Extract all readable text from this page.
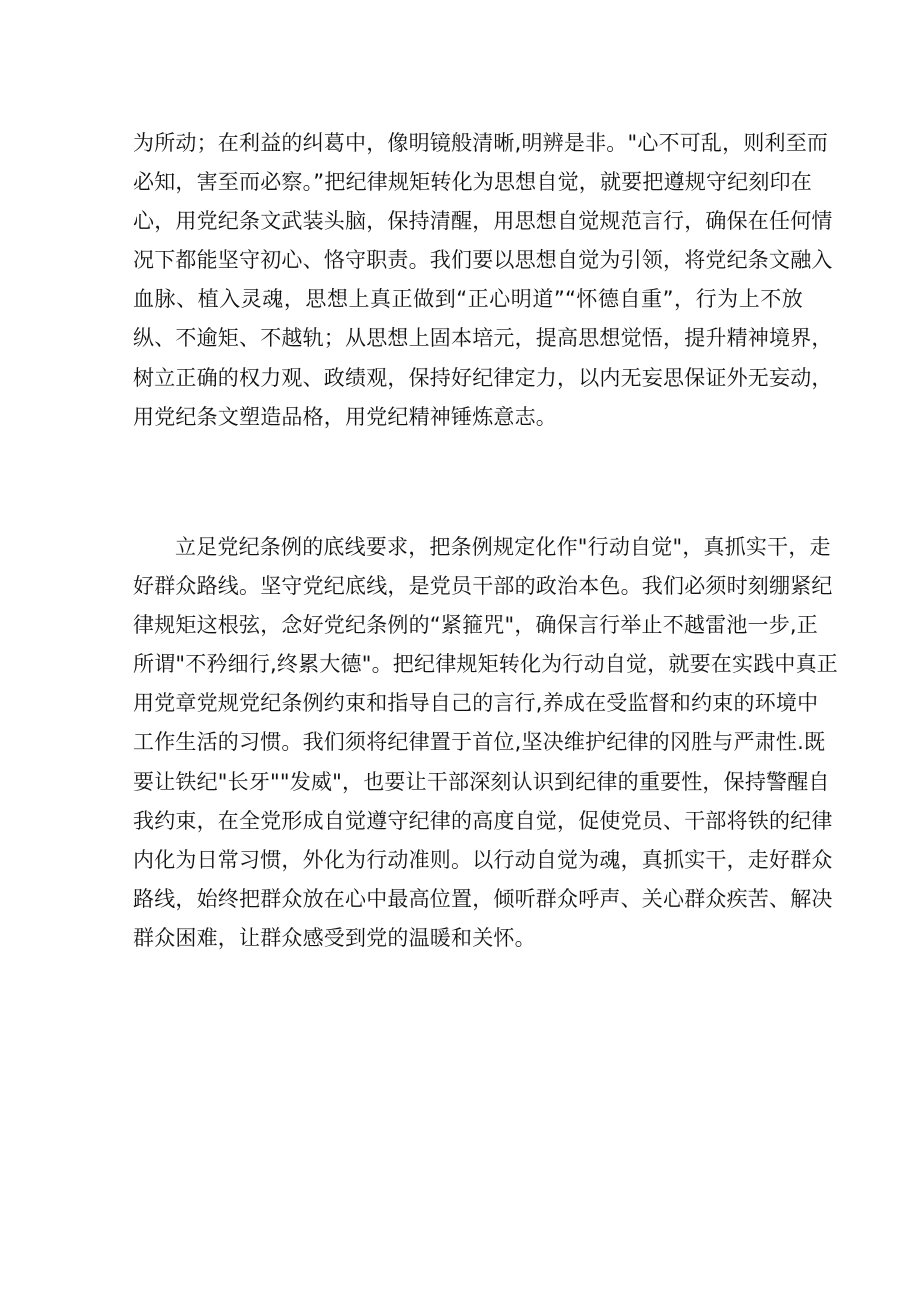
为所动；在利益的纠葛中，像明镜般清晰,明辨是非。"心不可乱，则利至而
必知，害至而必察。”把纪律规矩转化为思想自觉，就要把遵规守纪刻印在
心，用党纪条文武装头脑，保持清醒，用思想自觉规范言行，确保在任何情
况下都能坚守初心、恪守职责。我们要以思想自觉为引领，将党纪条文融入
血脉、植入灵魂，思想上真正做到“正心明道”“怀德自重”，行为上不放
纵、不逾矩、不越轨；从思想上固本培元，提高思想觉悟，提升精神境界，
树立正确的权力观、政绩观，保持好纪律定力，以内无妄思保证外无妄动，
用党纪条文塑造品格，用党纪精神锤炼意志。
立足党纪条例的底线要求，把条例规定化作"行动自觉"，真抓实干，走
好群众路线。坚守党纪底线，是党员干部的政治本色。我们必须时刻绷紧纪
律规矩这根弦，念好党纪条例的“紧箍咒"，确保言行举止不越雷池一步,正
所谓"不矜细行,终累大德"。把纪律规矩转化为行动自觉，就要在实践中真正
用党章党规党纪条例约束和指导自己的言行,养成在受监督和约束的环境中
工作生活的习惯。我们须将纪律置于首位,坚决维护纪律的冈胜与严肃性.既
要让铁纪"长牙""发威"，也要让干部深刻认识到纪律的重要性，保持警醒自
我约束，在全党形成自觉遵守纪律的高度自觉，促使党员、干部将铁的纪律
内化为日常习惯，外化为行动准则。以行动自觉为魂，真抓实干，走好群众
路线，始终把群众放在心中最高位置，倾听群众呼声、关心群众疾苦、解决
群众困难，让群众感受到党的温暖和关怀。
